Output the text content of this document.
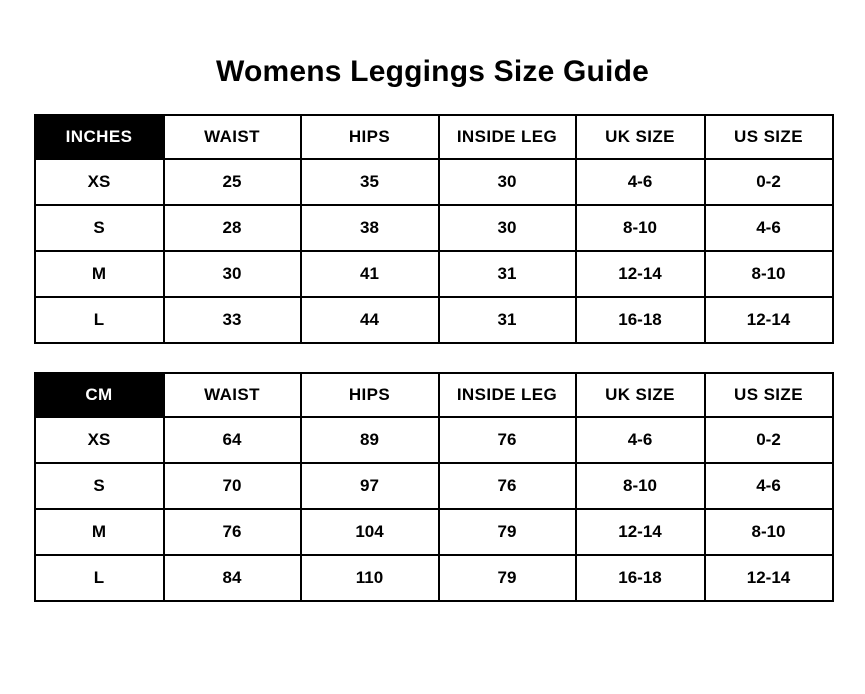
Womens Leggings Size Guide
INCHES	WAIST	HIPS	INSIDE LEG	UK SIZE	US SIZE
XS	25	35	30	4-6	0-2
S	28	38	30	8-10	4-6
M	30	41	31	12-14	8-10
L	33	44	31	16-18	12-14
CM	WAIST	HIPS	INSIDE LEG	UK SIZE	US SIZE
XS	64	89	76	4-6	0-2
S	70	97	76	8-10	4-6
M	76	104	79	12-14	8-10
L	84	110	79	16-18	12-14
